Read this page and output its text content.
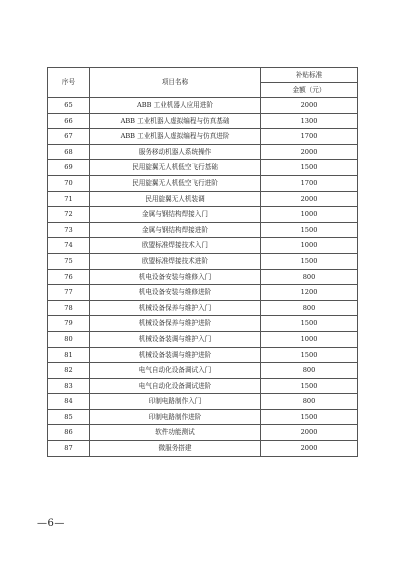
序号	项目名称	补贴标准
		金额（元）
65	ABB 工业机器人应用进阶	2000
66	ABB 工业机器人虚拟编程与仿真基础	1300
67	ABB 工业机器人虚拟编程与仿真进阶	1700
68	服务移动机器人系统操作	2000
69	民用旋翼无人机低空飞行基础	1500
70	民用旋翼无人机低空飞行进阶	1700
71	民用旋翼无人机装调	2000
72	金属与钢结构焊接入门	1000
73	金属与钢结构焊接进阶	1500
74	欧盟标准焊接技术入门	1000
75	欧盟标准焊接技术进阶	1500
76	机电设备安装与维修入门	800
77	机电设备安装与维修进阶	1200
78	机械设备保养与维护入门	800
79	机械设备保养与维护进阶	1500
80	机械设备装调与维护入门	1000
81	机械设备装调与维护进阶	1500
82	电气自动化设备调试入门	800
83	电气自动化设备调试进阶	1500
84	印制电路制作入门	800
85	印制电路制作进阶	1500
86	软件功能测试	2000
87	微服务搭建	2000
—6—
